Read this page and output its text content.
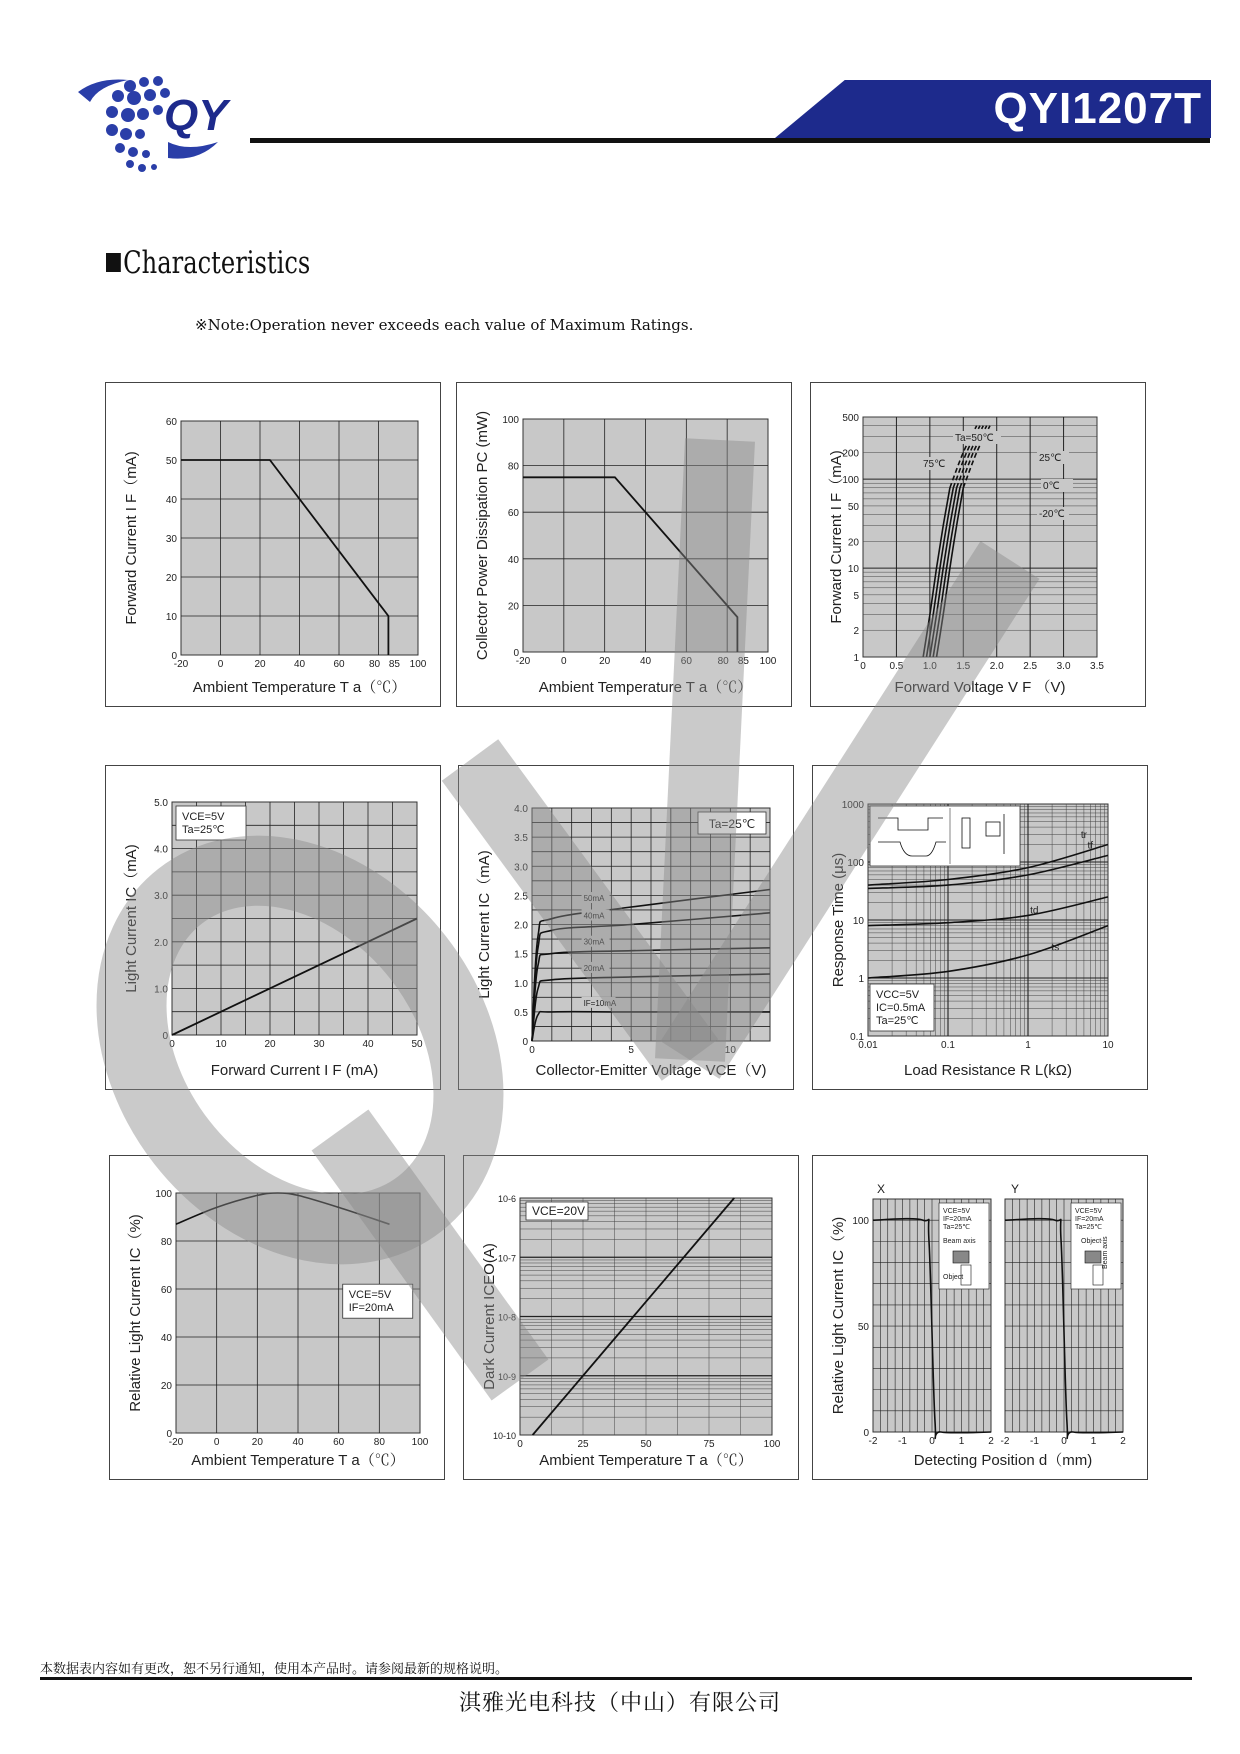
QY	QYI1207T
Characteristics
※Note:Operation never exceeds each value of Maximum Ratings.
-20	0	20	40	60 80 85 100
0
10
20
30
40
50
60
Ambient Temperature T a（℃）
Forward Current I F（mA)
-20	0	20	40	60	80 85 100
0
20
40
60
80
100
Ambient Temperature T a（℃）
Collector Power Dissipation PC (mW)
0 0.5 1.0 1.5 2.0 2.5 3.0 3.5
1
2
5
10
20
50
100
200
500
Ta=50℃
75℃
25℃
0℃
-20℃
Forward Voltage V F （V)
Forward Current I F（mA)
0	10	20	30	40	50
0
1.0
2.0
3.0
4.0
5.0
VCE=5V
Ta=25℃
Forward Current I F (mA)
Light Current IC（mA)
0	5	10
0
0.5
1.0
1.5
2.0
2.5
3.0
3.5
4.0
50mA
40mA
30mA
20mA
IF=10mA
Ta=25℃
Collector-Emitter Voltage VCE（V)
Light Current IC（mA)
0.01	0.1	1	10
0.1
1
10
100
1000
tr
tf
td
ts
VCC=5V
IC=0.5mA
Ta=25℃
Load Resistance R L(kΩ)
Response Time (μs)
-20	0	20	40	60	80	100
0
20
40
60
80
100
VCE=5V
IF=20mA
Ambient Temperature T a（℃）
Relative Light Current IC（%)
0	25	50	75	100
10-10
10-9
10-8
10-7
10-6
VCE=20V
Ambient Temperature T a（℃）
Dark Current ICEO(A)
-2 -1 0 1 2
0
50
100
X
VCE=5V
IF=20mA
Ta=25℃
Beam axis
Object
-2 -1 0 1 2
Y
VCE=5V
IF=20mA
Ta=25℃
Object Beam axis
Detecting Position d（mm)
Relative Light Current IC（%)
本数据表内容如有更改，恕不另行通知，使用本产品时。请参阅最新的规格说明。
淇雅光电科技（中山）有限公司
